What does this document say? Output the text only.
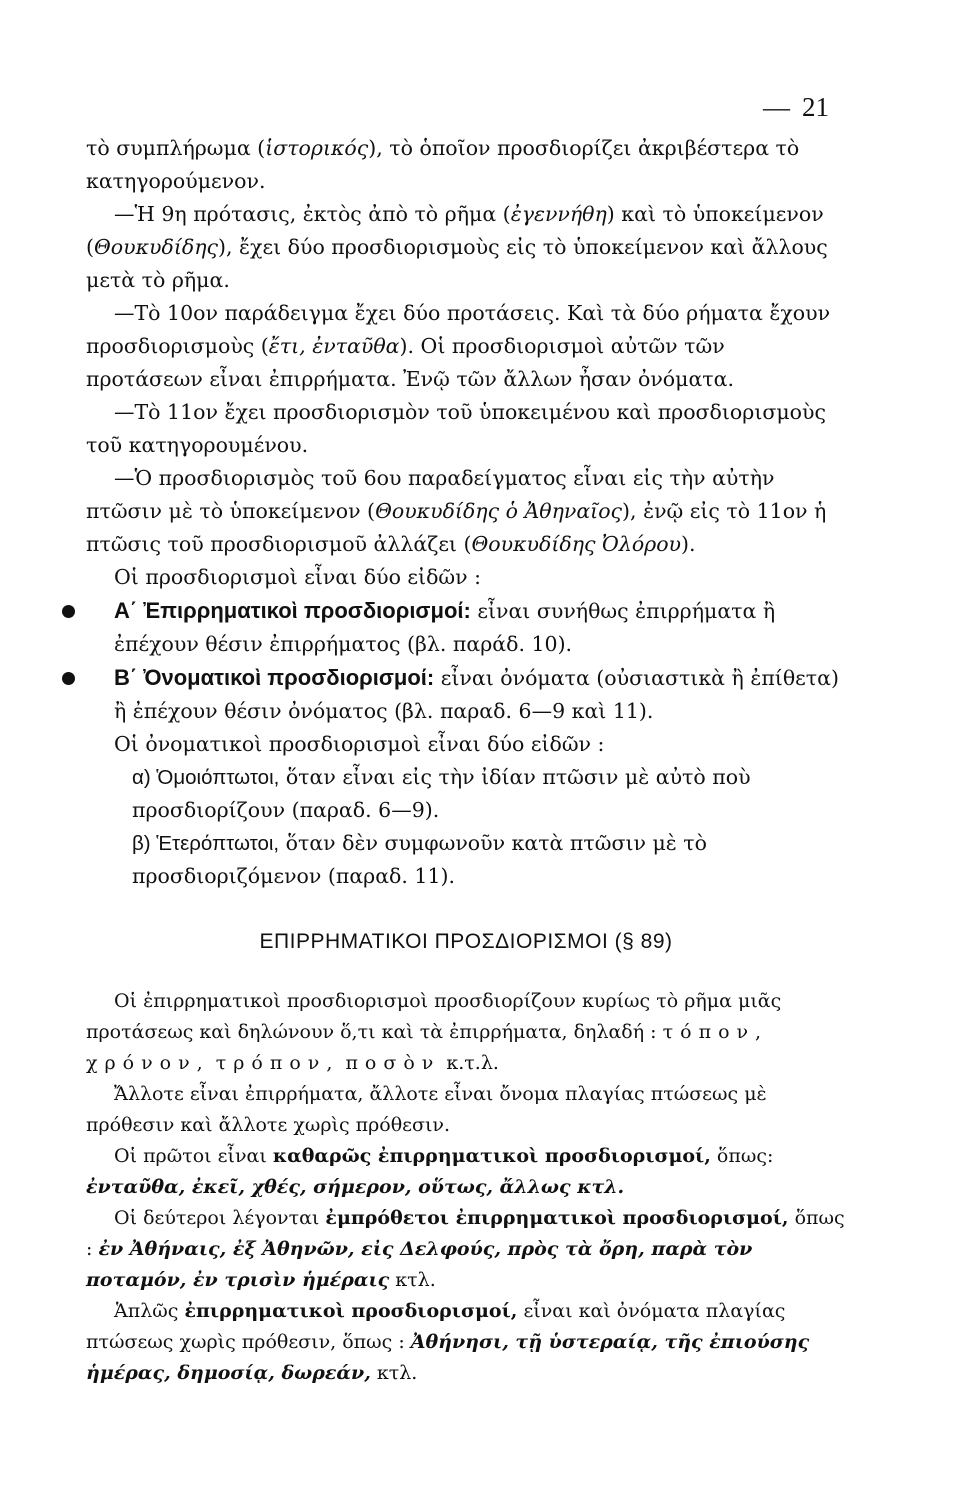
— 21

τὸ συμπλήρωμα (ἱστορικός), τὸ ὁποῖον προσδιορίζει ἀκριβέστερα τὸ κατηγορούμενον.

—Ἡ 9η πρότασις, ἐκτὸς ἀπὸ τὸ ρῆμα (ἐγεννήθη) καὶ τὸ ὑποκείμενον (Θουκυδίδης), ἔχει δύο προσδιορισμοὺς εἰς τὸ ὑποκείμενον καὶ ἄλλους μετὰ τὸ ρῆμα.

—Τὸ 10ον παράδειγμα ἔχει δύο προτάσεις. Καὶ τὰ δύο ρήματα ἔχουν προσδιορισμοὺς (ἔτι, ἐνταῦθα). Οἱ προσδιορισμοὶ αὐτῶν τῶν προτάσεων εἶναι ἐπιρρήματα. Ἐνῷ τῶν ἄλλων ἦσαν ὀνόματα.

—Τὸ 11ον ἔχει προσδιορισμὸν τοῦ ὑποκειμένου καὶ προσδιορισμοὺς τοῦ κατηγορουμένου.

—Ὁ προσδιορισμὸς τοῦ 6ου παραδείγματος εἶναι εἰς τὴν αὐτὴν πτῶσιν μὲ τὸ ὑποκείμενον (Θουκυδίδης ὁ Ἀθηναῖος), ἐνῷ εἰς τὸ 11ον ἡ πτῶσις τοῦ προσδιορισμοῦ ἀλλάζει (Θουκυδίδης Ὀλόρου).

Οἱ προσδιορισμοὶ εἶναι δύο εἰδῶν :

Α΄ Ἐπιρρηματικοὶ προσδιορισμοί: εἶναι συνήθως ἐπιρρήματα ἢ ἐπέχουν θέσιν ἐπιρρήματος (βλ. παράδ. 10).

Β΄ Ὀνοματικοὶ προσδιορισμοί: εἶναι ὀνόματα (οὐσιαστικὰ ἢ ἐπίθετα) ἢ ἐπέχουν θέσιν ὀνόματος (βλ. παραδ. 6—9 καὶ 11).

Οἱ ὀνοματικοὶ προσδιορισμοὶ εἶναι δύο εἰδῶν :

α) Ὁμοιόπτωτοι, ὅταν εἶναι εἰς τὴν ἰδίαν πτῶσιν μὲ αὐτὸ ποὺ προσδιορίζουν (παραδ. 6—9).

β) Ἑτερόπτωτοι, ὅταν δὲν συμφωνοῦν κατὰ πτῶσιν μὲ τὸ προσδιοριζόμενον (παραδ. 11).

ΕΠΙΡΡΗΜΑΤΙΚΟΙ ΠΡΟΣΔΙΟΡΙΣΜΟΙ (§ 89)

Οἱ ἐπιρρηματικοὶ προσδιορισμοὶ προσδιορίζουν κυρίως τὸ ρῆμα μιᾶς προτάσεως καὶ δηλώνουν ὅ,τι καὶ τὰ ἐπιρρήματα, δηλαδή : τόπον, χρόνον, τρόπον, ποσὸν κ.τ.λ.

Ἄλλοτε εἶναι ἐπιρρήματα, ἄλλοτε εἶναι ὄνομα πλαγίας πτώσεως μὲ πρόθεσιν καὶ ἄλλοτε χωρὶς πρόθεσιν.

Οἱ πρῶτοι εἶναι καθαρῶς ἐπιρρηματικοὶ προσδιορισμοί, ὅπως: ἐνταῦθα, ἐκεῖ, χθές, σήμερον, οὕτως, ἄλλως κτλ.

Οἱ δεύτεροι λέγονται ἐμπρόθετοι ἐπιρρηματικοὶ προσδιορισμοί, ὅπως : ἐν Ἀθήναις, ἐξ Ἀθηνῶν, εἰς Δελφούς, πρὸς τὰ ὄρη, παρὰ τὸν ποταμόν, ἐν τρισὶν ἡμέραις κτλ.

Ἁπλῶς ἐπιρρηματικοὶ προσδιορισμοί, εἶναι καὶ ὀνόματα πλαγίας πτώσεως χωρὶς πρόθεσιν, ὅπως : Ἀθήνησι, τῇ ὑστεραίᾳ, τῆς ἐπιούσης ἡμέρας, δημοσίᾳ, δωρεάν, κτλ.
